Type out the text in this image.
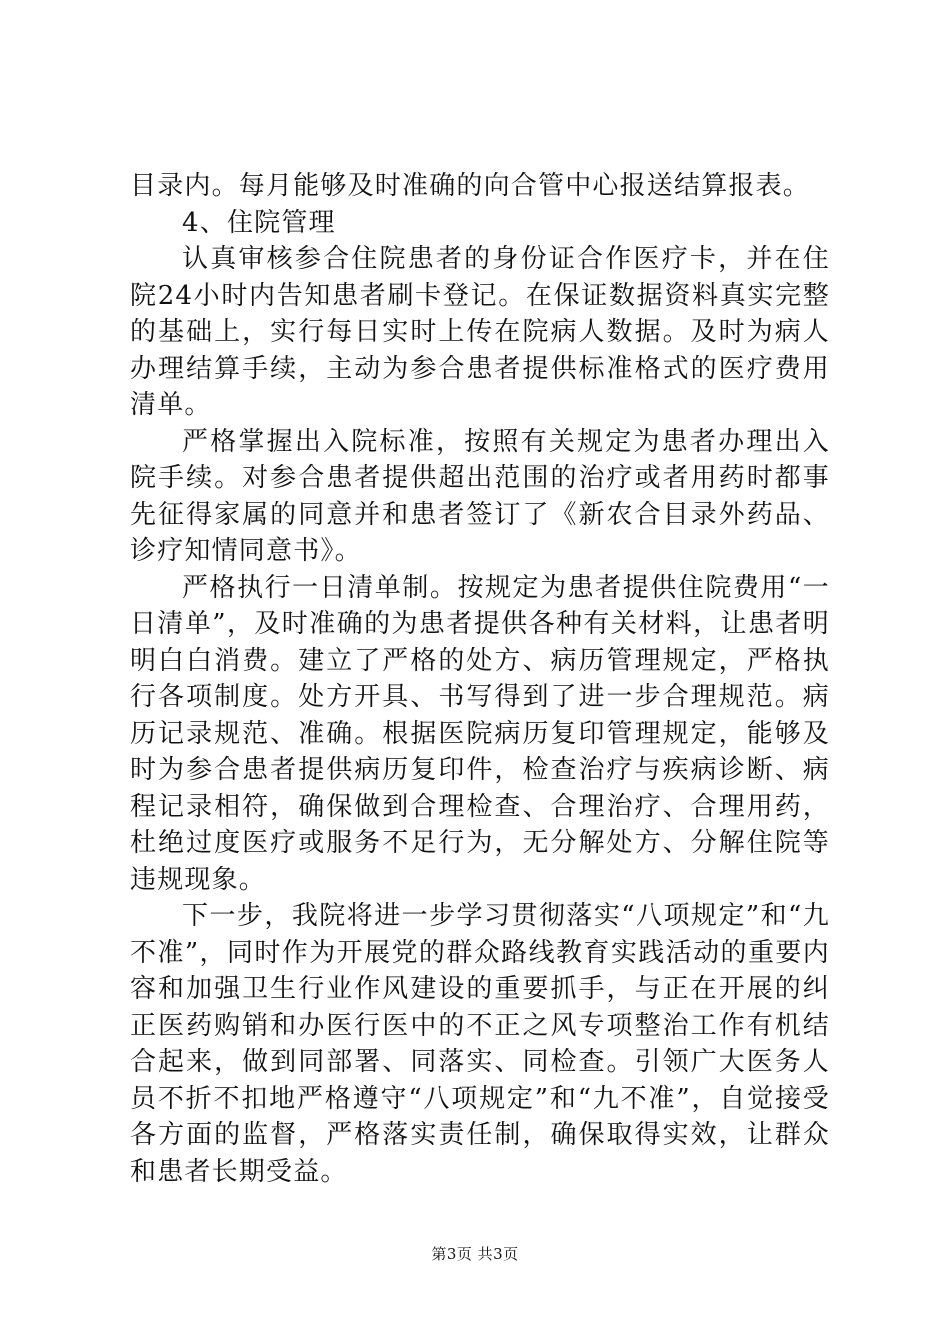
目录内。每月能够及时准确的向合管中心报送结算报表。

4、住院管理

认真审核参合住院患者的身份证合作医疗卡，并在住院24小时内告知患者刷卡登记。在保证数据资料真实完整的基础上，实行每日实时上传在院病人数据。及时为病人办理结算手续，主动为参合患者提供标准格式的医疗费用清单。

严格掌握出入院标准，按照有关规定为患者办理出入院手续。对参合患者提供超出范围的治疗或者用药时都事先征得家属的同意并和患者签订了《新农合目录外药品、诊疗知情同意书》。

严格执行一日清单制。按规定为患者提供住院费用“一日清单”，及时准确的为患者提供各种有关材料，让患者明明白白消费。建立了严格的处方、病历管理规定，严格执行各项制度。处方开具、书写得到了进一步合理规范。病历记录规范、准确。根据医院病历复印管理规定，能够及时为参合患者提供病历复印件，检查治疗与疾病诊断、病程记录相符，确保做到合理检查、合理治疗、合理用药，杜绝过度医疗或服务不足行为，无分解处方、分解住院等违规现象。

下一步，我院将进一步学习贯彻落实“八项规定”和“九不准”，同时作为开展党的群众路线教育实践活动的重要内容和加强卫生行业作风建设的重要抓手，与正在开展的纠正医药购销和办医行医中的不正之风专项整治工作有机结合起来，做到同部署、同落实、同检查。引领广大医务人员不折不扣地严格遵守“八项规定”和“九不准”，自觉接受各方面的监督，严格落实责任制，确保取得实效，让群众和患者长期受益。

第3页 共3页
